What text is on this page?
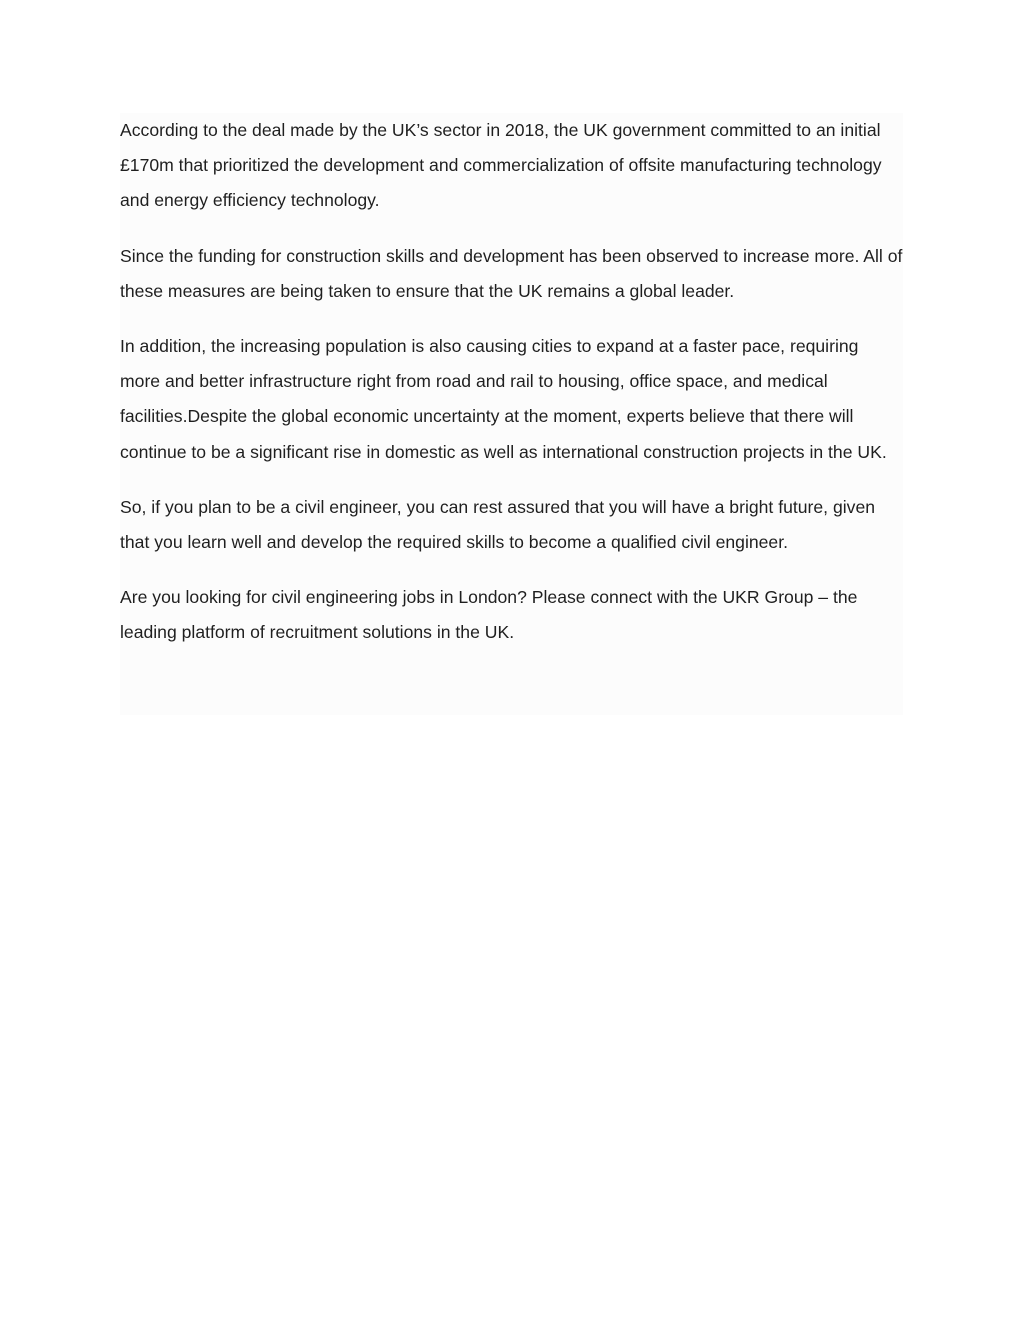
According to the deal made by the UK’s sector in 2018, the UK government committed to an initial £170m that prioritized the development and commercialization of offsite manufacturing technology and energy efficiency technology.

Since the funding for construction skills and development has been observed to increase more. All of these measures are being taken to ensure that the UK remains a global leader.

In addition, the increasing population is also causing cities to expand at a faster pace, requiring more and better infrastructure right from road and rail to housing, office space, and medical facilities.Despite the global economic uncertainty at the moment, experts believe that there will continue to be a significant rise in domestic as well as international construction projects in the UK.

So, if you plan to be a civil engineer, you can rest assured that you will have a bright future, given that you learn well and develop the required skills to become a qualified civil engineer.

Are you looking for civil engineering jobs in London? Please connect with the UKR Group – the leading platform of recruitment solutions in the UK.
